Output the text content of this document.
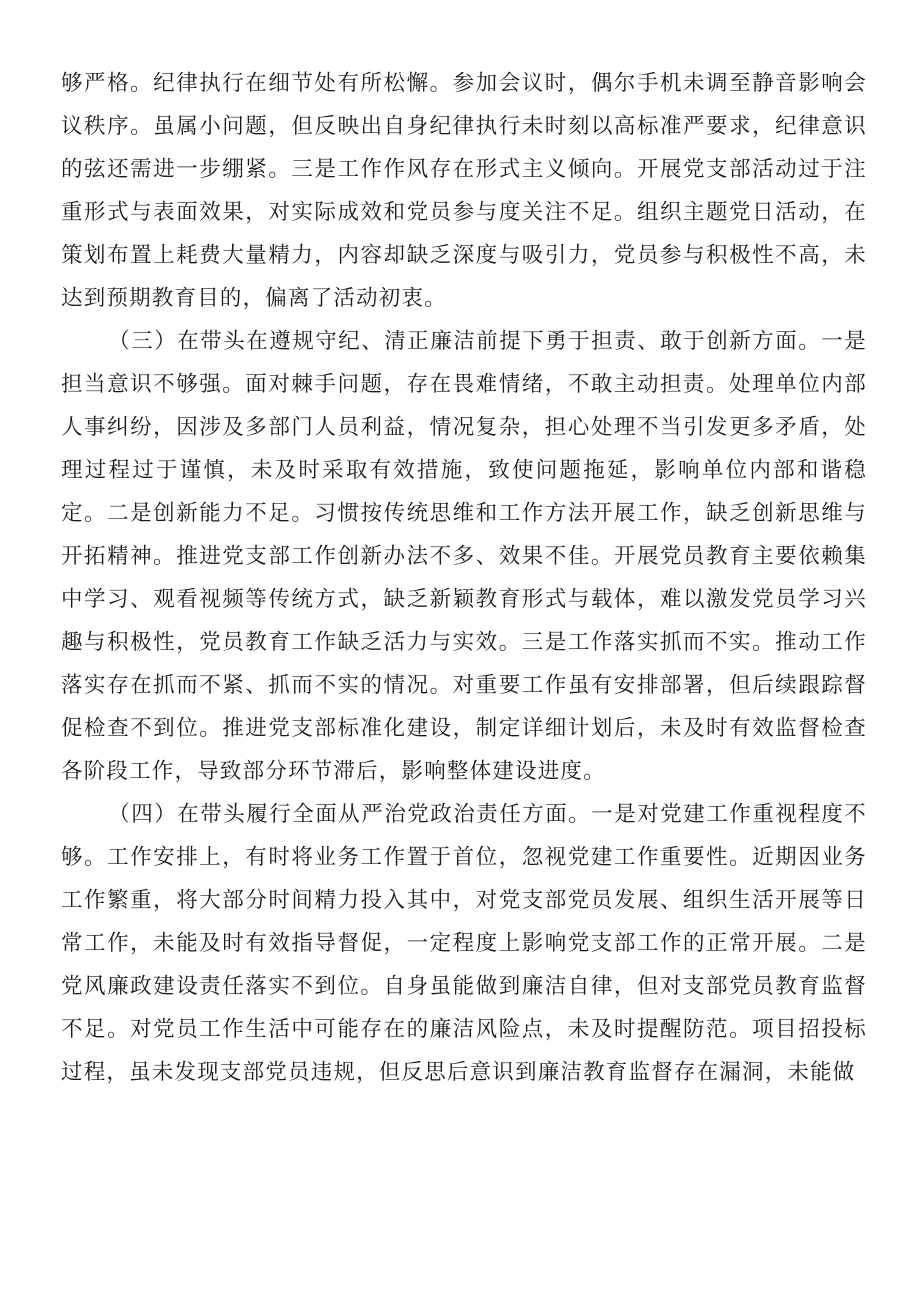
够严格。纪律执行在细节处有所松懈。参加会议时，偶尔手机未调至静音影响会议秩序。虽属小问题，但反映出自身纪律执行未时刻以高标准严要求，纪律意识的弦还需进一步绷紧。三是工作作风存在形式主义倾向。开展党支部活动过于注重形式与表面效果，对实际成效和党员参与度关注不足。组织主题党日活动，在策划布置上耗费大量精力，内容却缺乏深度与吸引力，党员参与积极性不高，未达到预期教育目的，偏离了活动初衷。

（三）在带头在遵规守纪、清正廉洁前提下勇于担责、敢于创新方面。一是担当意识不够强。面对棘手问题，存在畏难情绪，不敢主动担责。处理单位内部人事纠纷，因涉及多部门人员利益，情况复杂，担心处理不当引发更多矛盾，处理过程过于谨慎，未及时采取有效措施，致使问题拖延，影响单位内部和谐稳定。二是创新能力不足。习惯按传统思维和工作方法开展工作，缺乏创新思维与开拓精神。推进党支部工作创新办法不多、效果不佳。开展党员教育主要依赖集中学习、观看视频等传统方式，缺乏新颖教育形式与载体，难以激发党员学习兴趣与积极性，党员教育工作缺乏活力与实效。三是工作落实抓而不实。推动工作落实存在抓而不紧、抓而不实的情况。对重要工作虽有安排部署，但后续跟踪督促检查不到位。推进党支部标准化建设，制定详细计划后，未及时有效监督检查各阶段工作，导致部分环节滞后，影响整体建设进度。

（四）在带头履行全面从严治党政治责任方面。一是对党建工作重视程度不够。工作安排上，有时将业务工作置于首位，忽视党建工作重要性。近期因业务工作繁重，将大部分时间精力投入其中，对党支部党员发展、组织生活开展等日常工作，未能及时有效指导督促，一定程度上影响党支部工作的正常开展。二是党风廉政建设责任落实不到位。自身虽能做到廉洁自律，但对支部党员教育监督不足。对党员工作生活中可能存在的廉洁风险点，未及时提醒防范。项目招投标过程，虽未发现支部党员违规，但反思后意识到廉洁教育监督存在漏洞，未能做
